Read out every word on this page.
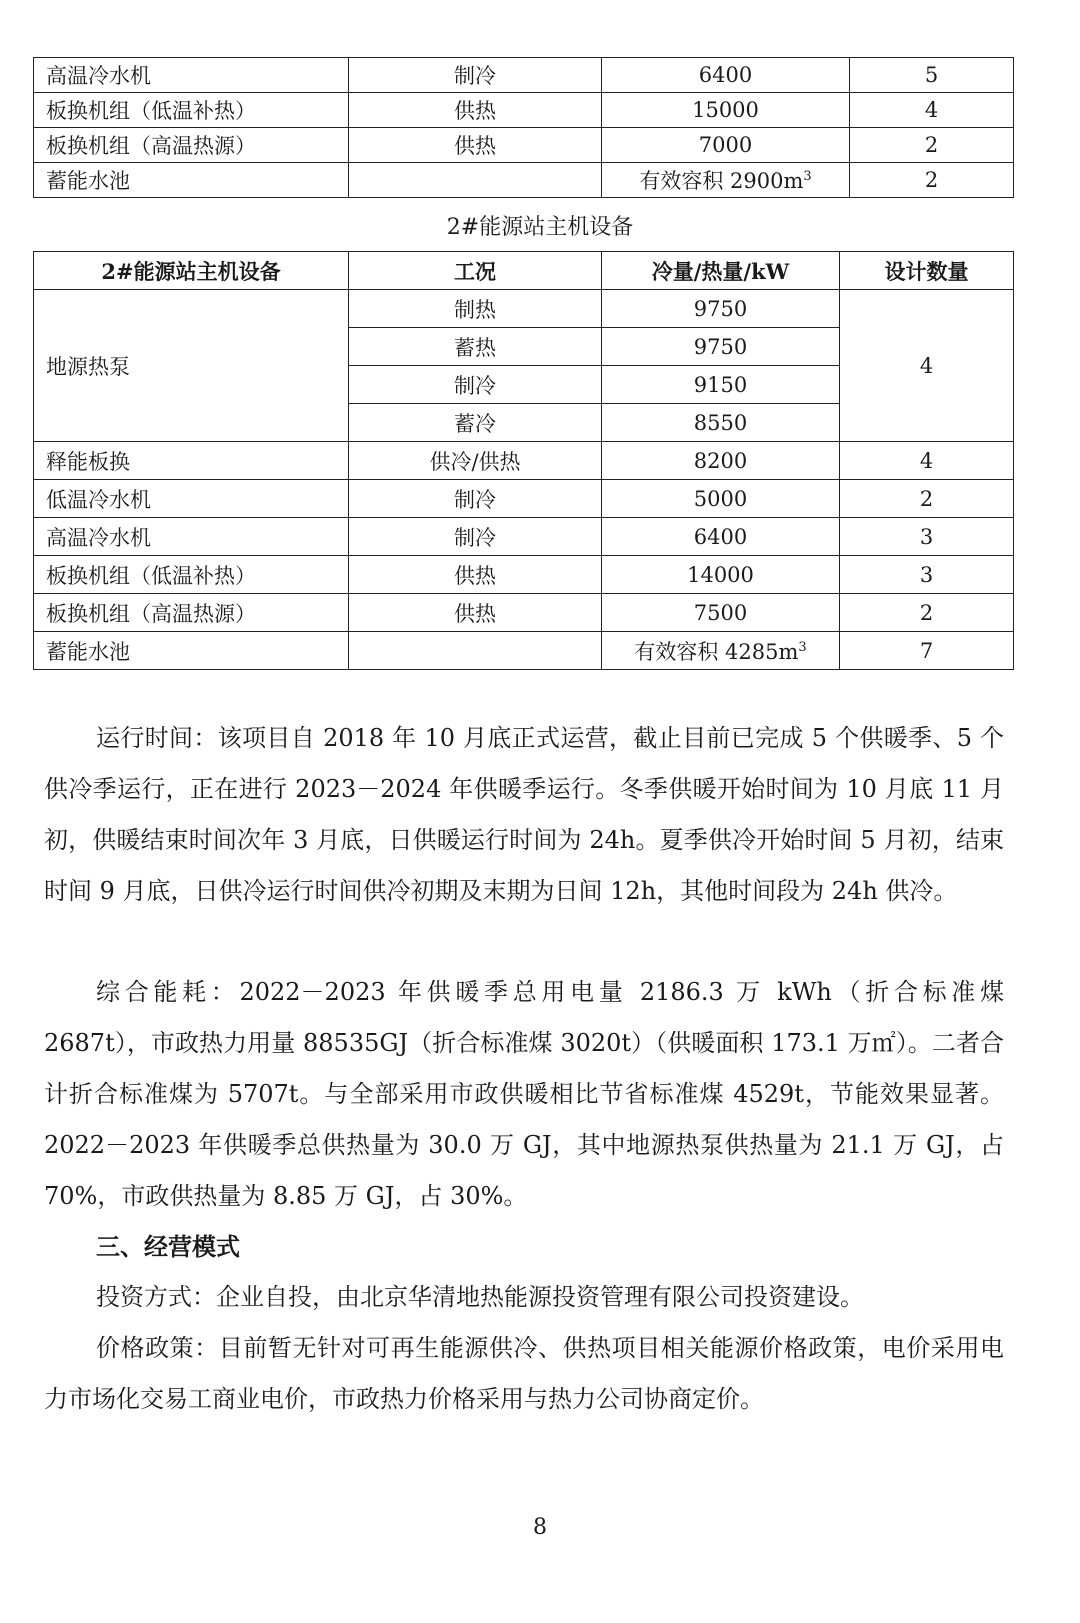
高温冷水机	制冷	6400	5
板换机组（低温补热）	供热	15000	4
板换机组（高温热源）	供热	7000	2
蓄能水池		有效容积 $2900m^3$	2
2#能源站主机设备
2#能源站主机设备	工况	冷量/热量/kW	设计数量
地源热泵	制热	9750	4
	蓄热	9750	
	制冷	9150	
	蓄冷	8550	
释能板换	供冷/供热	8200	4
低温冷水机	制冷	5000	2
高温冷水机	制冷	6400	3
板换机组（低温补热）	供热	14000	3
板换机组（高温热源）	供热	7500	2
蓄能水池		有效容积 $4285m^3$	7

运行时间：该项目自 2018 年 10 月底正式运营，截止目前已完成 5 个供暖季、5 个供冷季运行，正在进行 2023－2024 年供暖季运行。冬季供暖开始时间为 10 月底 11 月初，供暖结束时间次年 3 月底，日供暖运行时间为 24h。夏季供冷开始时间 5 月初，结束时间 9 月底，日供冷运行时间供冷初期及末期为日间 12h，其他时间段为 24h 供冷。

综合能耗：2022－2023 年供暖季总用电量 2186.3 万 kWh（折合标准煤 2687t），市政热力用量 88535GJ（折合标准煤 3020t）（供暖面积 173.1 万㎡）。二者合计折合标准煤为 5707t。与全部采用市政供暖相比节省标准煤 4529t，节能效果显著。2022－2023 年供暖季总供热量为 30.0 万 GJ，其中地源热泵供热量为 21.1 万 GJ，占 70%，市政供热量为 8.85 万 GJ，占 30%。

三、经营模式

投资方式：企业自投，由北京华清地热能源投资管理有限公司投资建设。

价格政策：目前暂无针对可再生能源供冷、供热项目相关能源价格政策，电价采用电力市场化交易工商业电价，市政热力价格采用与热力公司协商定价。

8
